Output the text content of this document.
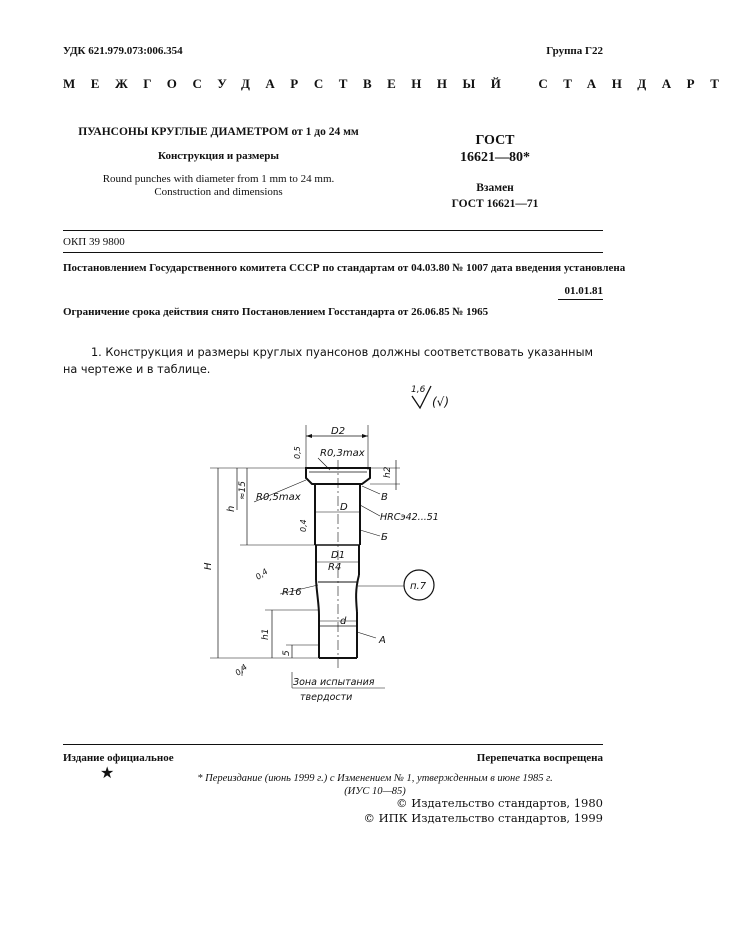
УДК 621.979.073:006.354	Группа Г22
МЕЖГОСУДАРСТВЕННЫЙ СТАНДАРТ
ПУАНСОНЫ КРУГЛЫЕ ДИАМЕТРОМ от 1 до 24 мм
Конструкция и размеры
Round punches with diameter from 1 mm to 24 mm.
Construction and dimensions
ГОСТ
16621—80*
Взамен
ГОСТ 16621—71
ОКП 39 9800
Постановлением Государственного комитета СССР по стандартам от 04.03.80 № 1007 дата введения установлена
01.01.81
Ограничение срока действия снято Постановлением Госстандарта от 26.06.85 № 1965
1. Конструкция и размеры круглых пуансонов должны соответствовать указанным на чертеже и в таблице.
1,6
(√)
D2
R0,3max
h2
≈15 R0,5max	В
h	D
HRCэ42...51
0,4
Б
D1
R4
H
0,4
R16
п.7
h1
d
А
5
0,4
0,5
Зона испытания
твердости
Издание официальное	Перепечатка воспрещена
★	* Переиздание (июнь 1999 г.) с Изменением № 1, утвержденным в июне 1985 г.
(ИУС 10—85)
© Издательство стандартов, 1980
© ИПК Издательство стандартов, 1999
